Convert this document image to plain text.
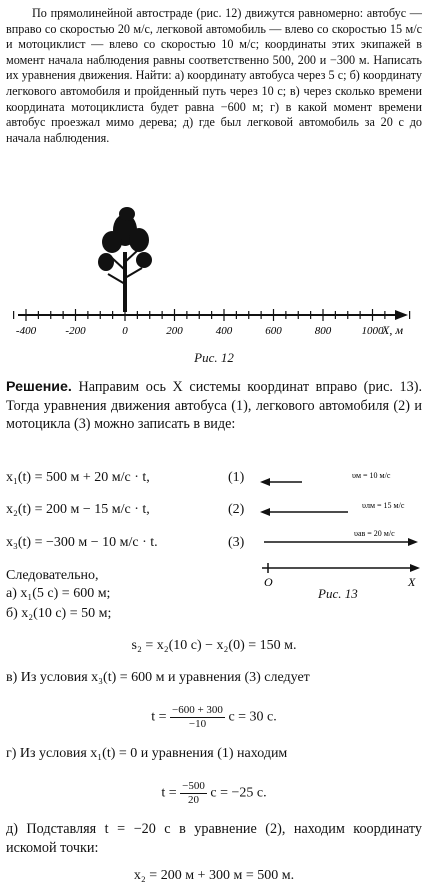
По прямолинейной автостраде (рис. 12) движутся равномерно: автобус — вправо со скоростью 20 м/с, легковой автомобиль — влево со скоростью 15 м/с и мотоциклист — влево со скоростью 10 м/с; координаты этих экипажей в момент начала наблюдения равны соответственно 500, 200 и −300 м. Написать их уравнения движения. Найти: а) координату автобуса через 5 с; б) координату легкового автомобиля и пройденный путь через 10 с; в) через сколько времени координата мотоциклиста будет равна −600 м; г) в какой момент времени автобус проезжал мимо дерева; д) где был легковой автомобиль за 20 с до начала наблюдения.

-400	-200	0	200	400	600	800	1000
X, м
Рис. 12

Решение. Направим ось X системы координат вправо (рис. 13). Тогда уравнения движения автобуса (1), легкового автомобиля (2) и мотоцикла (3) можно записать в виде:

x₁(t) = 500 м + 20 м/с · t,	(1)
x₂(t) = 200 м − 15 м/с · t,	(2)
x₃(t) = −300 м − 10 м/с · t.	(3)
υм = 10 м/с
υлм = 15 м/с
υав = 20 м/с
O	X
Рис. 13
Следовательно,
а) x₁(5 с) = 600 м;
б) x₂(10 с) = 50 м;
s₂ = x₂(10 с) − x₂(0) = 150 м.
в) Из условия x₃(t) = 600 м и уравнения (3) следует
$t = \frac{-600 + 300}{-10}$ с = 30 с.
г) Из условия x₁(t) = 0 и уравнения (1) находим
$t = \frac{-500}{20}$ с = −25 с.

д) Подставляя t = −20 с в уравнение (2), находим координату искомой точки:

x₂ = 200 м + 300 м = 500 м.
